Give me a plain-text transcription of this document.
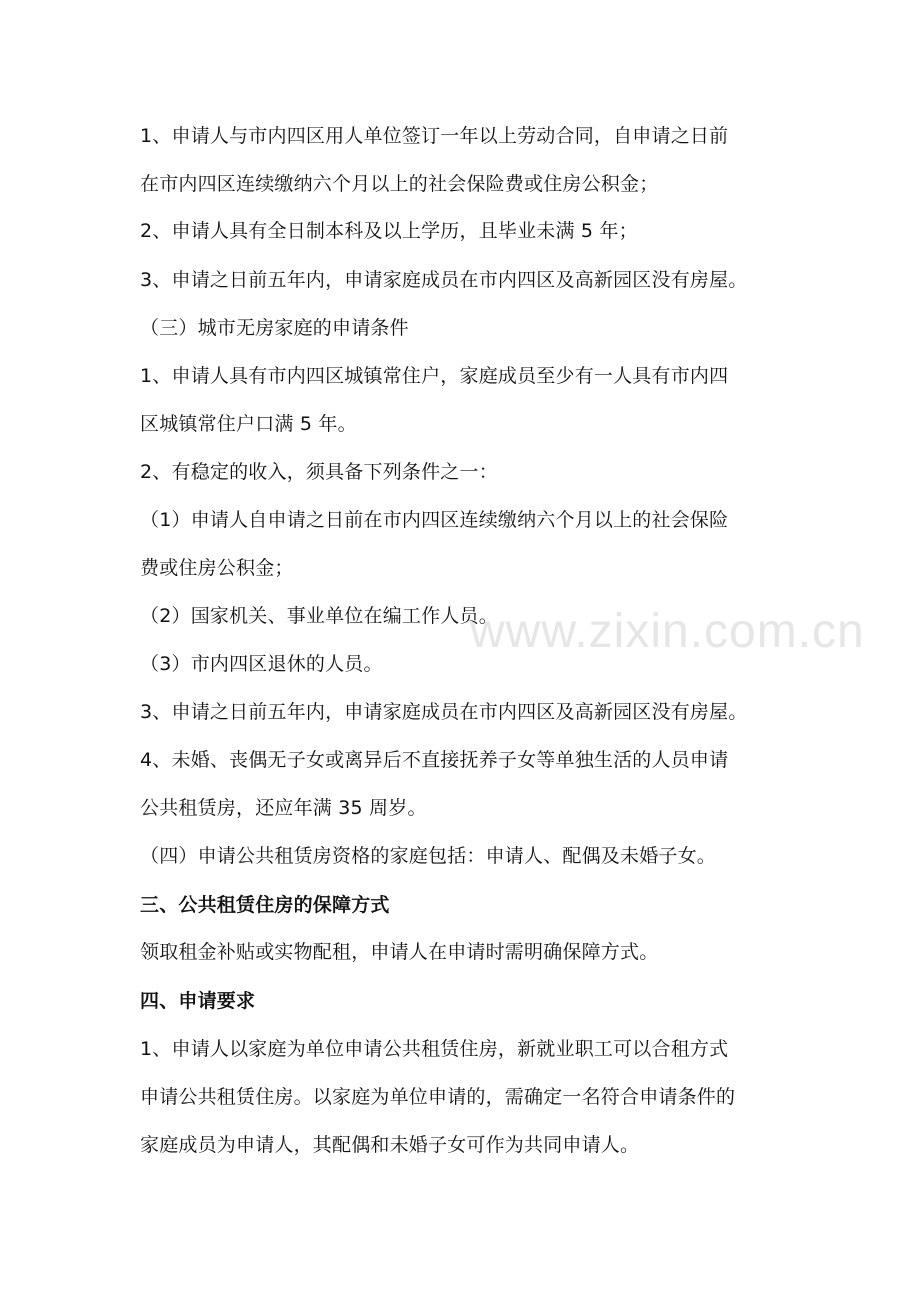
www.zixin.com.cn
1、申请人与市内四区用人单位签订一年以上劳动合同，自申请之日前
在市内四区连续缴纳六个月以上的社会保险费或住房公积金；
2、申请人具有全日制本科及以上学历，且毕业未满 5 年；
3、申请之日前五年内，申请家庭成员在市内四区及高新园区没有房屋。
（三）城市无房家庭的申请条件
1、申请人具有市内四区城镇常住户，家庭成员至少有一人具有市内四
区城镇常住户口满 5 年。
2、有稳定的收入，须具备下列条件之一：
（1）申请人自申请之日前在市内四区连续缴纳六个月以上的社会保险
费或住房公积金；
（2）国家机关、事业单位在编工作人员。
（3）市内四区退休的人员。
3、申请之日前五年内，申请家庭成员在市内四区及高新园区没有房屋。
4、未婚、丧偶无子女或离异后不直接抚养子女等单独生活的人员申请
公共租赁房，还应年满 35 周岁。
（四）申请公共租赁房资格的家庭包括：申请人、配偶及未婚子女。
三、公共租赁住房的保障方式
领取租金补贴或实物配租，申请人在申请时需明确保障方式。
四、申请要求
1、申请人以家庭为单位申请公共租赁住房，新就业职工可以合租方式
申请公共租赁住房。以家庭为单位申请的，需确定一名符合申请条件的
家庭成员为申请人，其配偶和未婚子女可作为共同申请人。
